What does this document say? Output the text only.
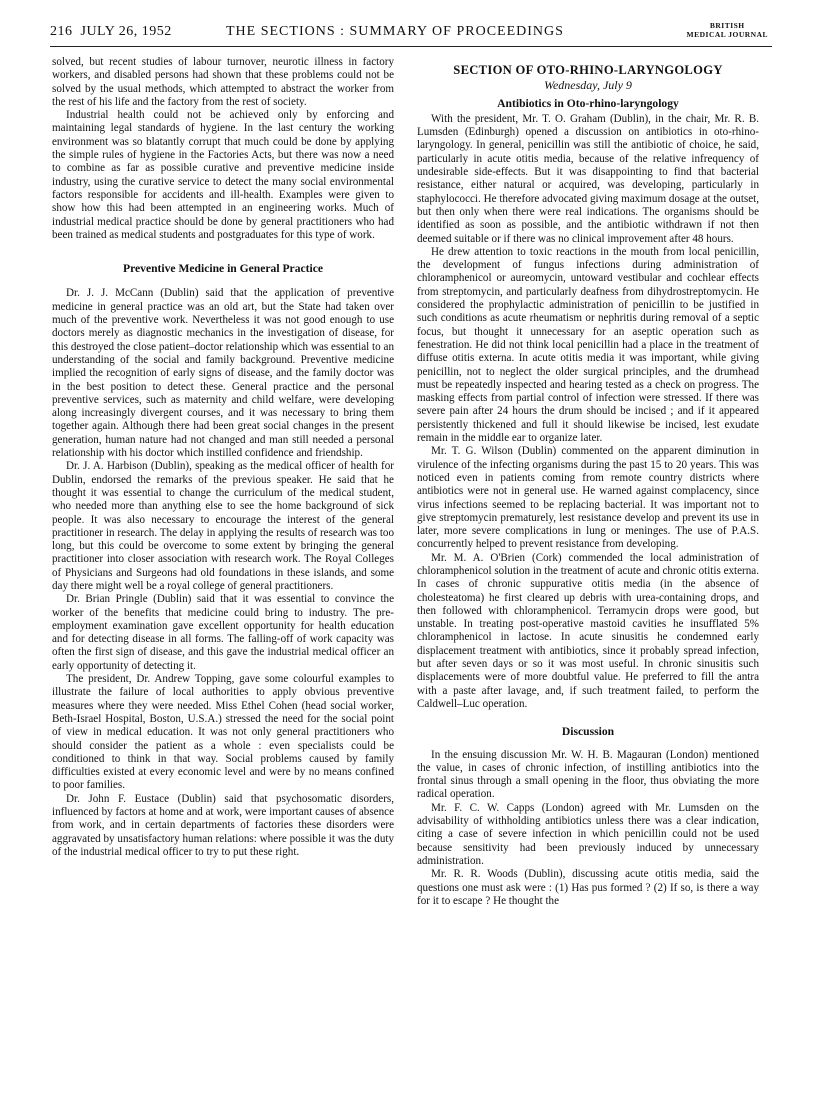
216 JULY 26, 1952	THE SECTIONS : SUMMARY OF PROCEEDINGS	BRITISH
MEDICAL JOURNAL

solved, but recent studies of labour turnover, neurotic illness in factory workers, and disabled persons had shown that these problems could not be solved by the usual methods, which attempted to abstract the worker from the rest of his life and the factory from the rest of society.

Industrial health could not be achieved only by enforcing and maintaining legal standards of hygiene. In the last century the working environment was so blatantly corrupt that much could be done by applying the simple rules of hygiene in the Factories Acts, but there was now a need to combine as far as possible curative and preventive medicine inside industry, using the curative service to detect the many social environmental factors responsible for accidents and ill-health. Examples were given to show how this had been attempted in an engineering works. Much of industrial medical practice should be done by general practitioners who had been trained as medical students and postgraduates for this type of work.

Preventive Medicine in General Practice

Dr. J. J. McCann (Dublin) said that the application of preventive medicine in general practice was an old art, but the State had taken over much of the preventive work. Nevertheless it was not good enough to use doctors merely as diagnostic mechanics in the investigation of disease, for this destroyed the close patient–doctor relationship which was essential to an understanding of the social and family background. Preventive medicine implied the recognition of early signs of disease, and the family doctor was in the best position to detect these. General practice and the personal preventive services, such as maternity and child welfare, were developing along increasingly divergent courses, and it was necessary to bring them together again. Although there had been great social changes in the present generation, human nature had not changed and man still needed a personal relationship with his doctor which instilled confidence and friendship.

Dr. J. A. Harbison (Dublin), speaking as the medical officer of health for Dublin, endorsed the remarks of the previous speaker. He said that he thought it was essential to change the curriculum of the medical student, who needed more than anything else to see the home background of sick people. It was also necessary to encourage the interest of the general practitioner in research. The delay in applying the results of research was too long, but this could be overcome to some extent by bringing the general practitioner into closer association with research work. The Royal Colleges of Physicians and Surgeons had old foundations in these islands, and some day there might well be a royal college of general practitioners.

Dr. Brian Pringle (Dublin) said that it was essential to convince the worker of the benefits that medicine could bring to industry. The pre-employment examination gave excellent opportunity for health education and for detecting disease in all forms. The falling-off of work capacity was often the first sign of disease, and this gave the industrial medical officer an early opportunity of detecting it.

The president, Dr. Andrew Topping, gave some colourful examples to illustrate the failure of local authorities to apply obvious preventive measures where they were needed. Miss Ethel Cohen (head social worker, Beth-Israel Hospital, Boston, U.S.A.) stressed the need for the social point of view in medical education. It was not only general practitioners who should consider the patient as a whole : even specialists could be conditioned to think in that way. Social problems caused by family difficulties existed at every economic level and were by no means confined to poor families.

Dr. John F. Eustace (Dublin) said that psychosomatic disorders, influenced by factors at home and at work, were important causes of absence from work, and in certain departments of factories these disorders were aggravated by unsatisfactory human relations: where possible it was the duty of the industrial medical officer to try to put these right.

SECTION OF OTO-RHINO-LARYNGOLOGY
Wednesday, July 9
Antibiotics in Oto-rhino-laryngology

With the president, Mr. T. O. Graham (Dublin), in the chair, Mr. R. B. Lumsden (Edinburgh) opened a discussion on antibiotics in oto-rhino-laryngology. In general, penicillin was still the antibiotic of choice, he said, particularly in acute otitis media, because of the relative infrequency of undesirable side-effects. But it was disappointing to find that bacterial resistance, either natural or acquired, was developing, particularly in staphylococci. He therefore advocated giving maximum dosage at the outset, but then only when there were real indications. The organisms should be identified as soon as possible, and the antibiotic withdrawn if not then deemed suitable or if there was no clinical improvement after 48 hours.

He drew attention to toxic reactions in the mouth from local penicillin, the development of fungus infections during administration of chloramphenicol or aureomycin, untoward vestibular and cochlear effects from streptomycin, and particularly deafness from dihydrostreptomycin. He considered the prophylactic administration of penicillin to be justified in such conditions as acute rheumatism or nephritis during removal of a septic focus, but thought it unnecessary for an aseptic operation such as fenestration. He did not think local penicillin had a place in the treatment of diffuse otitis externa. In acute otitis media it was important, while giving penicillin, not to neglect the older surgical principles, and the drumhead must be repeatedly inspected and hearing tested as a check on progress. The masking effects from partial control of infection were stressed. If there was severe pain after 24 hours the drum should be incised ; and if it appeared persistently thickened and full it should likewise be incised, lest exudate remain in the middle ear to organize later.

Mr. T. G. Wilson (Dublin) commented on the apparent diminution in virulence of the infecting organisms during the past 15 to 20 years. This was noticed even in patients coming from remote country districts where antibiotics were not in general use. He warned against complacency, since virus infections seemed to be replacing bacterial. It was important not to give streptomycin prematurely, lest resistance develop and prevent its use in later, more severe complications in lung or meninges. The use of P.A.S. concurrently helped to prevent resistance from developing.

Mr. M. A. O'Brien (Cork) commended the local administration of chloramphenicol solution in the treatment of acute and chronic otitis externa. In cases of chronic suppurative otitis media (in the absence of cholesteatoma) he first cleared up debris with urea-containing drops, and then followed with chloramphenicol. Terramycin drops were good, but unstable. In treating post-operative mastoid cavities he insufflated 5% chloramphenicol in lactose. In acute sinusitis he condemned early displacement treatment with antibiotics, since it probably spread infection, but after seven days or so it was most useful. In chronic sinusitis such displacements were of more doubtful value. He preferred to fill the antra with a paste after lavage, and, if such treatment failed, to perform the Caldwell–Luc operation.

Discussion

In the ensuing discussion Mr. W. H. B. Magauran (London) mentioned the value, in cases of chronic infection, of instilling antibiotics into the frontal sinus through a small opening in the floor, thus obviating the more radical operation.

Mr. F. C. W. Capps (London) agreed with Mr. Lumsden on the advisability of withholding antibiotics unless there was a clear indication, citing a case of severe infection in which penicillin could not be used because sensitivity had been previously induced by unnecessary administration.

Mr. R. R. Woods (Dublin), discussing acute otitis media, said the questions one must ask were : (1) Has pus formed ? (2) If so, is there a way for it to escape ? He thought the
